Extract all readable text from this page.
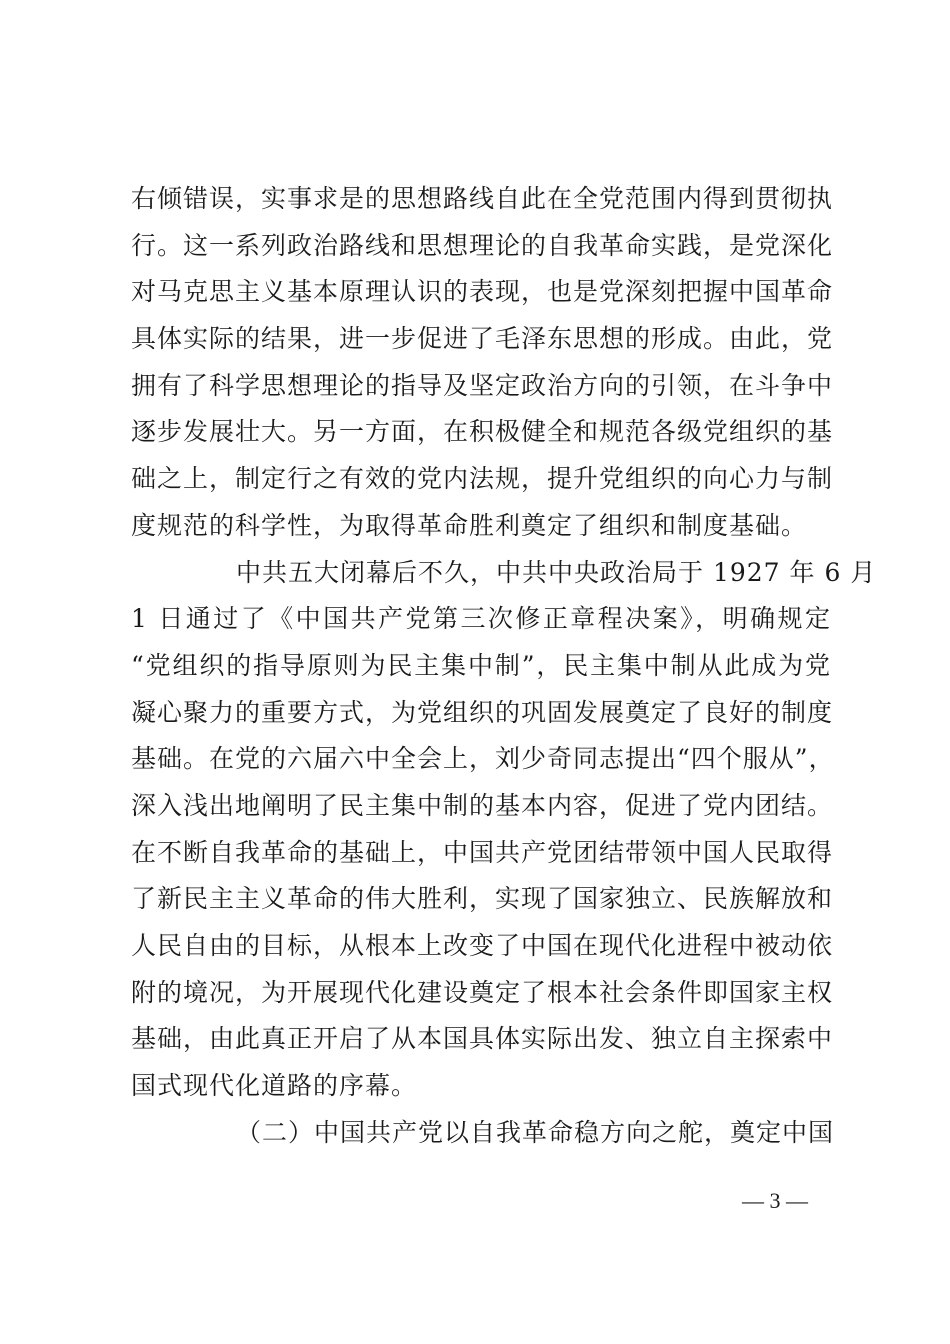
右倾错误，实事求是的思想路线自此在全党范围内得到贯彻执
行。这一系列政治路线和思想理论的自我革命实践，是党深化
对马克思主义基本原理认识的表现，也是党深刻把握中国革命
具体实际的结果，进一步促进了毛泽东思想的形成。由此，党
拥有了科学思想理论的指导及坚定政治方向的引领，在斗争中
逐步发展壮大。另一方面，在积极健全和规范各级党组织的基
础之上，制定行之有效的党内法规，提升党组织的向心力与制
度规范的科学性，为取得革命胜利奠定了组织和制度基础。
中共五大闭幕后不久，中共中央政治局于 1927 年 6 月
1 日通过了《中国共产党第三次修正章程决案》，明确规定
“党组织的指导原则为民主集中制”，民主集中制从此成为党
凝心聚力的重要方式，为党组织的巩固发展奠定了良好的制度
基础。在党的六届六中全会上，刘少奇同志提出“四个服从”，
深入浅出地阐明了民主集中制的基本内容，促进了党内团结。
在不断自我革命的基础上，中国共产党团结带领中国人民取得
了新民主主义革命的伟大胜利，实现了国家独立、民族解放和
人民自由的目标，从根本上改变了中国在现代化进程中被动依
附的境况，为开展现代化建设奠定了根本社会条件即国家主权
基础，由此真正开启了从本国具体实际出发、独立自主探索中
国式现代化道路的序幕。
（二）中国共产党以自我革命稳方向之舵，奠定中国
— 3 —
